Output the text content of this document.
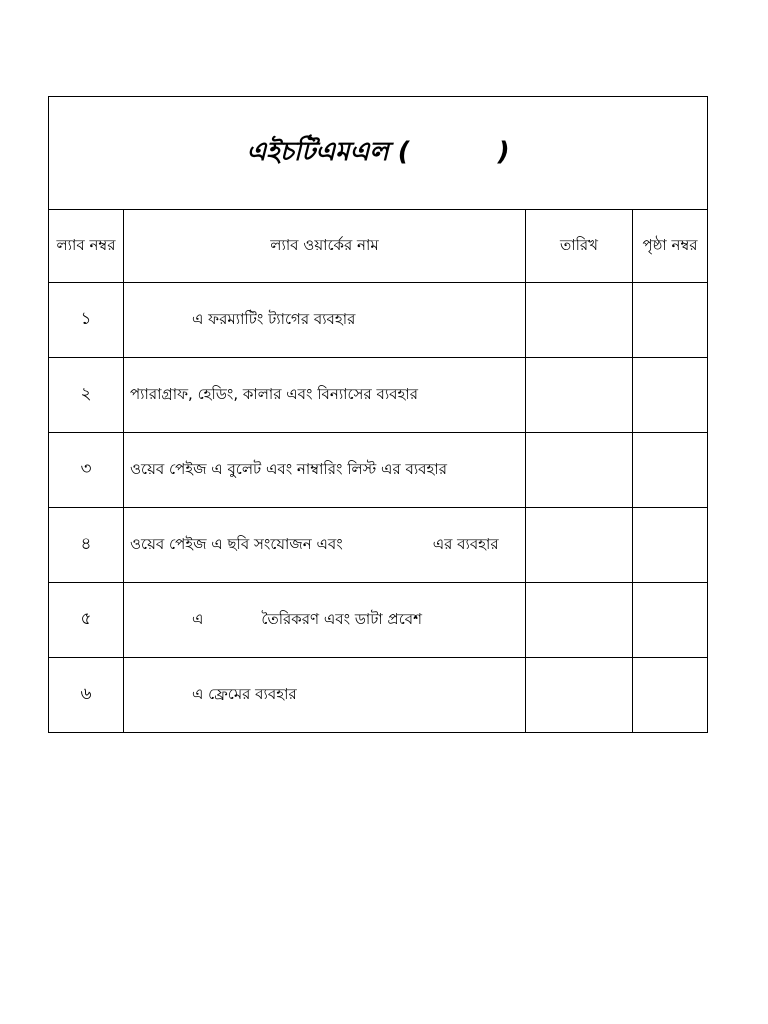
এইচটিএমএল ( )			
ল্যাব নম্বর	ল্যাব ওয়ার্কের নাম	তারিখ	পৃষ্ঠা নম্বর
১	এ ফরম্যাটিং ট্যাগের ব্যবহার		
২	প্যারাগ্রাফ, হেডিং, কালার এবং বিন্যাসের ব্যবহার		
৩	ওয়েব পেইজ এ বুলেট এবং নাম্বারিং লিস্ট এর ব্যবহার		
৪	ওয়েব পেইজ এ ছবি সংযোজন এবং এর ব্যবহার		
৫	এ তৈরিকরণ এবং ডাটা প্রবেশ		
৬	এ ফ্রেমের ব্যবহার		
